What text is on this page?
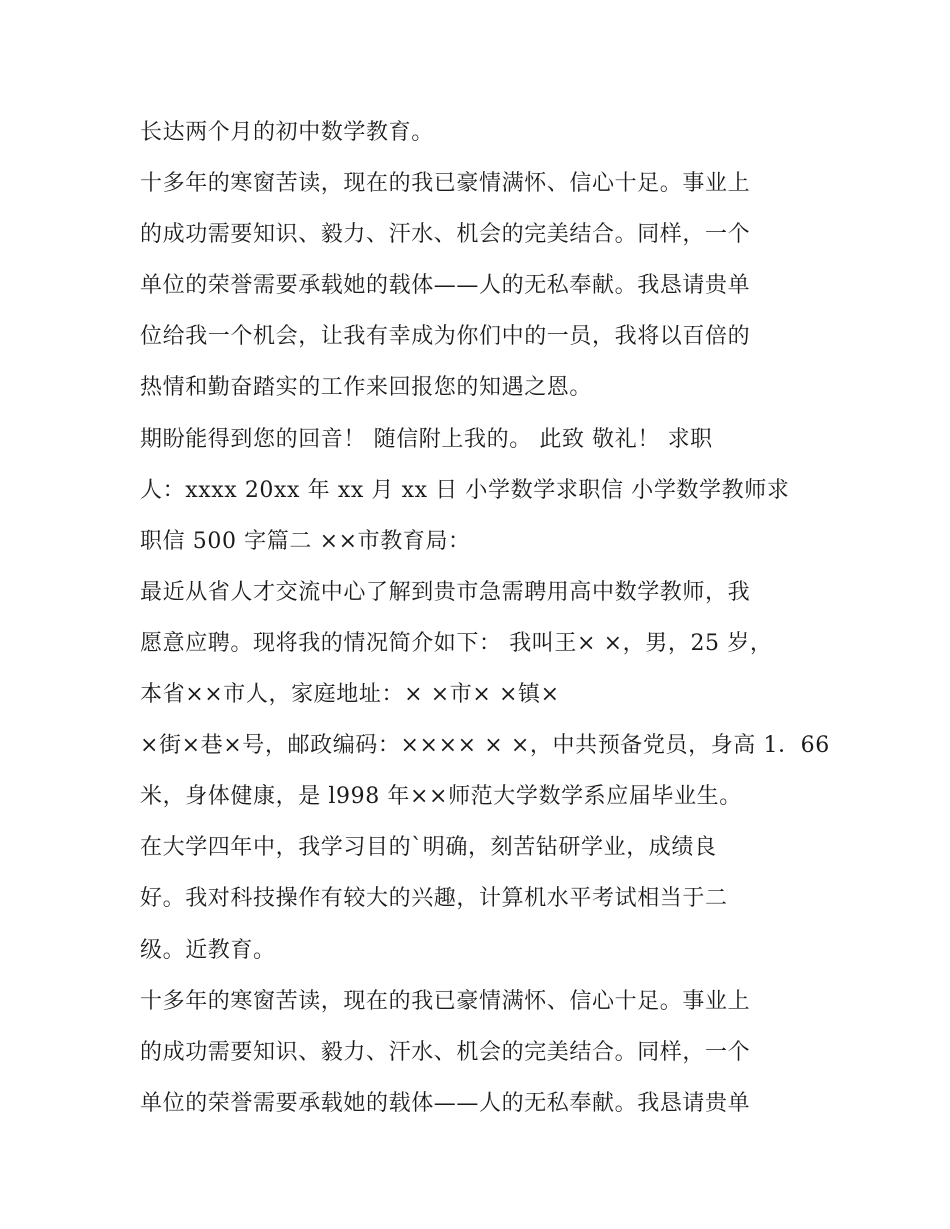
长达两个月的初中数学教育。
十多年的寒窗苦读，现在的我已豪情满怀、信心十足。事业上
的成功需要知识、毅力、汗水、机会的完美结合。同样，一个
单位的荣誉需要承载她的载体——人的无私奉献。我恳请贵单
位给我一个机会，让我有幸成为你们中的一员，我将以百倍的
热情和勤奋踏实的工作来回报您的知遇之恩。
期盼能得到您的回音！ 随信附上我的。 此致 敬礼！ 求职
人：xxxx 20xx 年 xx 月 xx 日 小学数学求职信 小学数学教师求
职信 500 字篇二 ××市教育局：
最近从省人才交流中心了解到贵市急需聘用高中数学教师，我
愿意应聘。现将我的情况简介如下： 我叫王× ×，男，25 岁，
本省××市人，家庭地址：× ×市× ×镇×
×街×巷×号，邮政编码：×××× × ×，中共预备党员，身高 1．66
米，身体健康，是 l998 年××师范大学数学系应届毕业生。
在大学四年中，我学习目的`明确，刻苦钻研学业，成绩良
好。我对科技操作有较大的兴趣，计算机水平考试相当于二
级。近教育。
十多年的寒窗苦读，现在的我已豪情满怀、信心十足。事业上
的成功需要知识、毅力、汗水、机会的完美结合。同样，一个
单位的荣誉需要承载她的载体——人的无私奉献。我恳请贵单
